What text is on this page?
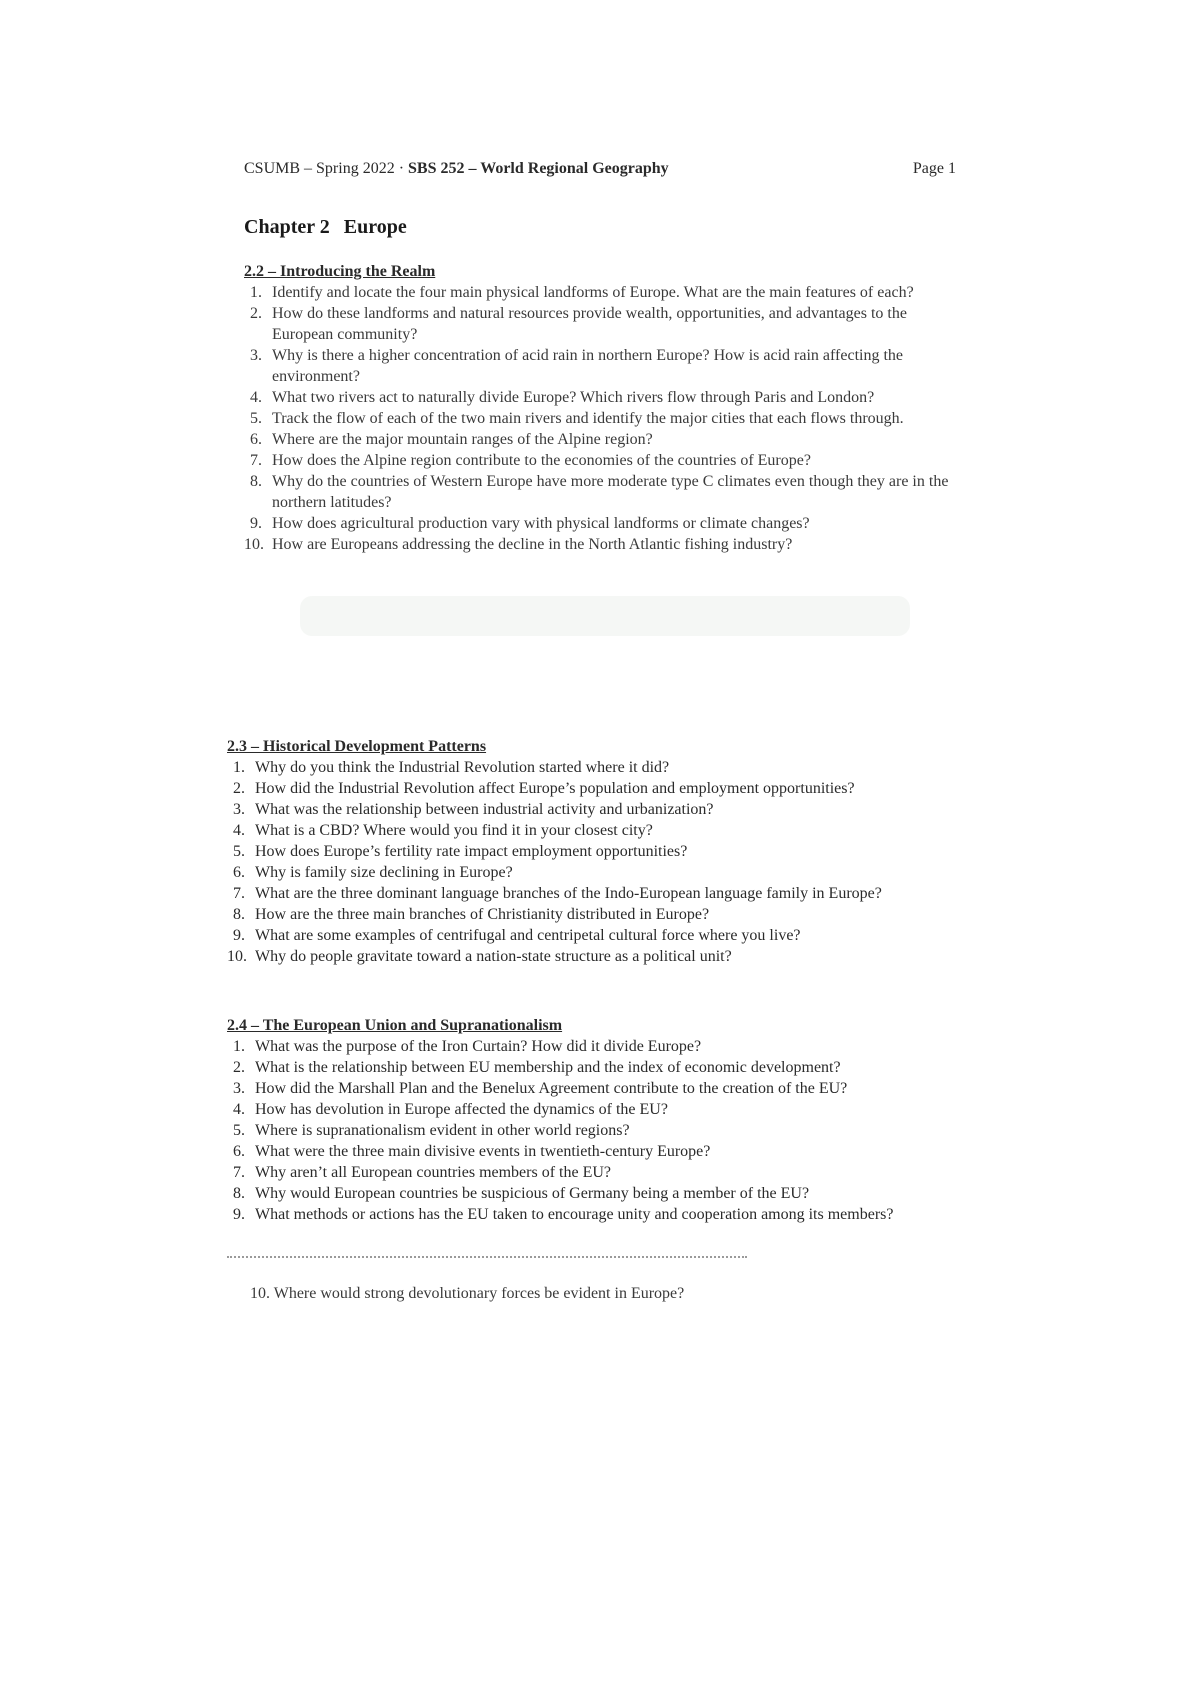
CSUMB – Spring 2022 · SBS 252 – World Regional Geography	Page 1
Chapter 2 Europe
2.2 – Introducing the Realm
1. Identify and locate the four main physical landforms of Europe. What are the main features of each?
2. How do these landforms and natural resources provide wealth, opportunities, and advantages to the European community?
3. Why is there a higher concentration of acid rain in northern Europe? How is acid rain affecting the environment?
4. What two rivers act to naturally divide Europe? Which rivers flow through Paris and London?
5. Track the flow of each of the two main rivers and identify the major cities that each flows through.
6. Where are the major mountain ranges of the Alpine region?
7. How does the Alpine region contribute to the economies of the countries of Europe?
8. Why do the countries of Western Europe have more moderate type C climates even though they are in the northern latitudes?
9. How does agricultural production vary with physical landforms or climate changes?
10. How are Europeans addressing the decline in the North Atlantic fishing industry?
2.3 – Historical Development Patterns
1. Why do you think the Industrial Revolution started where it did?
2. How did the Industrial Revolution affect Europe’s population and employment opportunities?
3. What was the relationship between industrial activity and urbanization?
4. What is a CBD? Where would you find it in your closest city?
5. How does Europe’s fertility rate impact employment opportunities?
6. Why is family size declining in Europe?
7. What are the three dominant language branches of the Indo-European language family in Europe?
8. How are the three main branches of Christianity distributed in Europe?
9. What are some examples of centrifugal and centripetal cultural force where you live?
10. Why do people gravitate toward a nation-state structure as a political unit?
2.4 – The European Union and Supranationalism
1. What was the purpose of the Iron Curtain? How did it divide Europe?
2. What is the relationship between EU membership and the index of economic development?
3. How did the Marshall Plan and the Benelux Agreement contribute to the creation of the EU?
4. How has devolution in Europe affected the dynamics of the EU?
5. Where is supranationalism evident in other world regions?
6. What were the three main divisive events in twentieth-century Europe?
7. Why aren’t all European countries members of the EU?
8. Why would European countries be suspicious of Germany being a member of the EU?
9. What methods or actions has the EU taken to encourage unity and cooperation among its members?
10. Where would strong devolutionary forces be evident in Europe?
